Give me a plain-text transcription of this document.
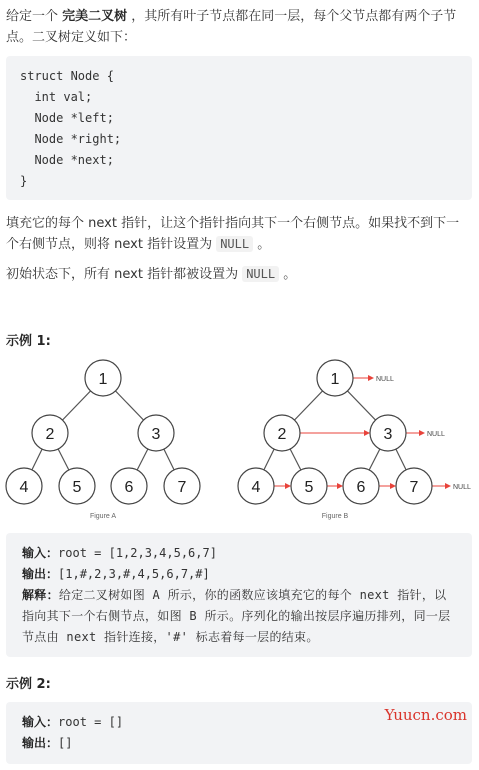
给定一个 完美二叉树 ，其所有叶子节点都在同一层，每个父节点都有两个子节点。二叉树定义如下：

struct Node {
int val;
Node *left;
Node *right;
Node *next;
}

填充它的每个 next 指针，让这个指针指向其下一个右侧节点。如果找不到下一个右侧节点，则将 next 指针设置为 NULL 。

初始状态下，所有 next 指针都被设置为 NULL 。

示例 1:
1
2	3
4	5	6	7
Figure A
1
2	3
4	5	6	7
NULL
NULL
NULL
Figure B
输入：root = [1,2,3,4,5,6,7]
输出：[1,#,2,3,#,4,5,6,7,#]
解释：给定二叉树如图 A 所示，你的函数应该填充它的每个 next 指针，以指向其下一个右侧节点，如图 B 所示。序列化的输出按层序遍历排列，同一层节点由 next 指针连接，'#' 标志着每一层的结束。
示例 2:
输入：root = []
输出：[]
Yuucn.com
